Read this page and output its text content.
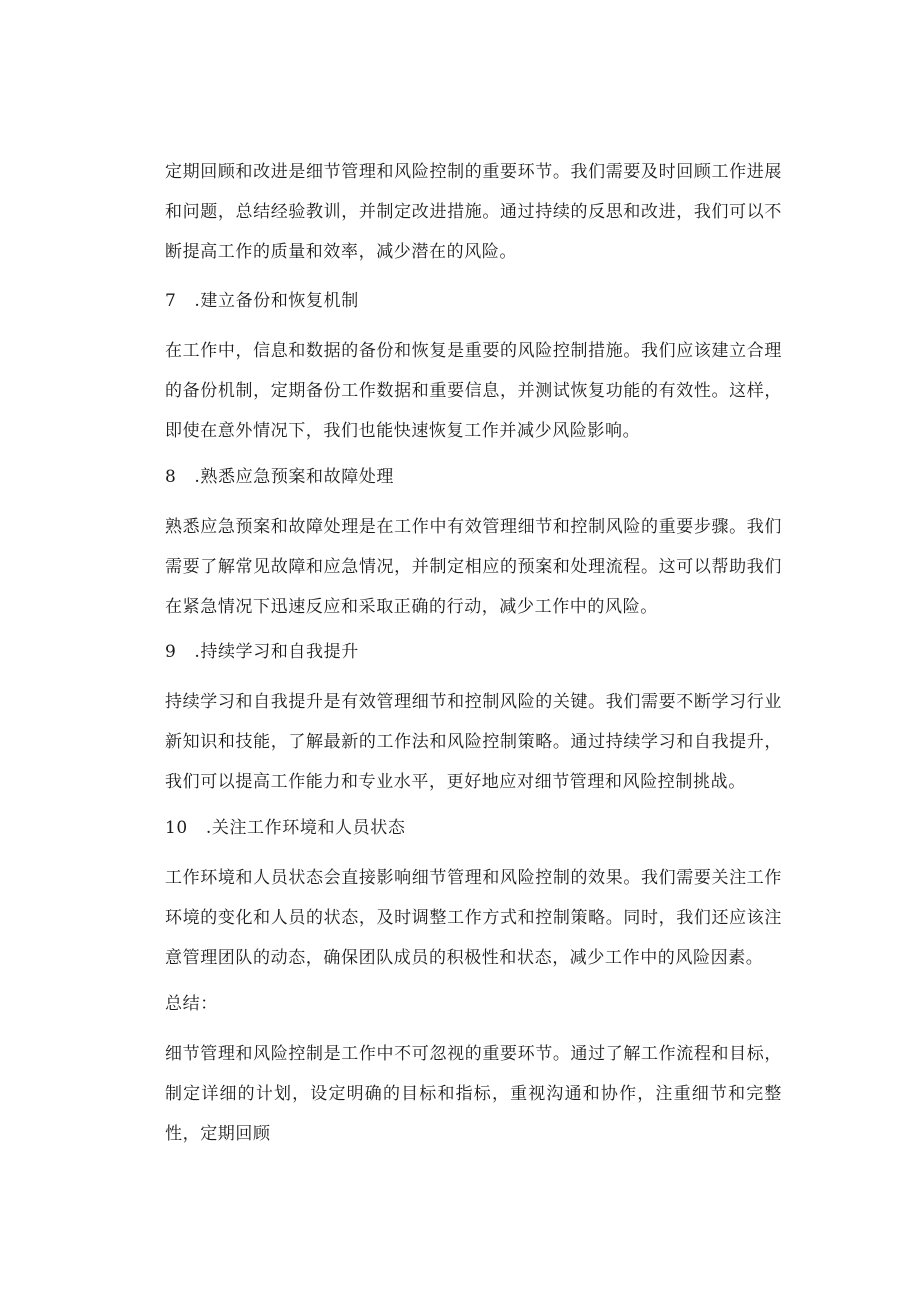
定期回顾和改进是细节管理和风险控制的重要环节。我们需要及时回顾工作进展和问题，总结经验教训，并制定改进措施。通过持续的反思和改进，我们可以不断提高工作的质量和效率，减少潜在的风险。

7   .建立备份和恢复机制

在工作中，信息和数据的备份和恢复是重要的风险控制措施。我们应该建立合理的备份机制，定期备份工作数据和重要信息，并测试恢复功能的有效性。这样，即使在意外情况下，我们也能快速恢复工作并减少风险影响。

8   .熟悉应急预案和故障处理

熟悉应急预案和故障处理是在工作中有效管理细节和控制风险的重要步骤。我们需要了解常见故障和应急情况，并制定相应的预案和处理流程。这可以帮助我们在紧急情况下迅速反应和采取正确的行动，减少工作中的风险。

9   .持续学习和自我提升

持续学习和自我提升是有效管理细节和控制风险的关键。我们需要不断学习行业新知识和技能，了解最新的工作法和风险控制策略。通过持续学习和自我提升，我们可以提高工作能力和专业水平，更好地应对细节管理和风险控制挑战。

10   .关注工作环境和人员状态

工作环境和人员状态会直接影响细节管理和风险控制的效果。我们需要关注工作环境的变化和人员的状态，及时调整工作方式和控制策略。同时，我们还应该注意管理团队的动态，确保团队成员的积极性和状态，减少工作中的风险因素。

总结：

细节管理和风险控制是工作中不可忽视的重要环节。通过了解工作流程和目标，制定详细的计划，设定明确的目标和指标，重视沟通和协作，注重细节和完整性，定期回顾
